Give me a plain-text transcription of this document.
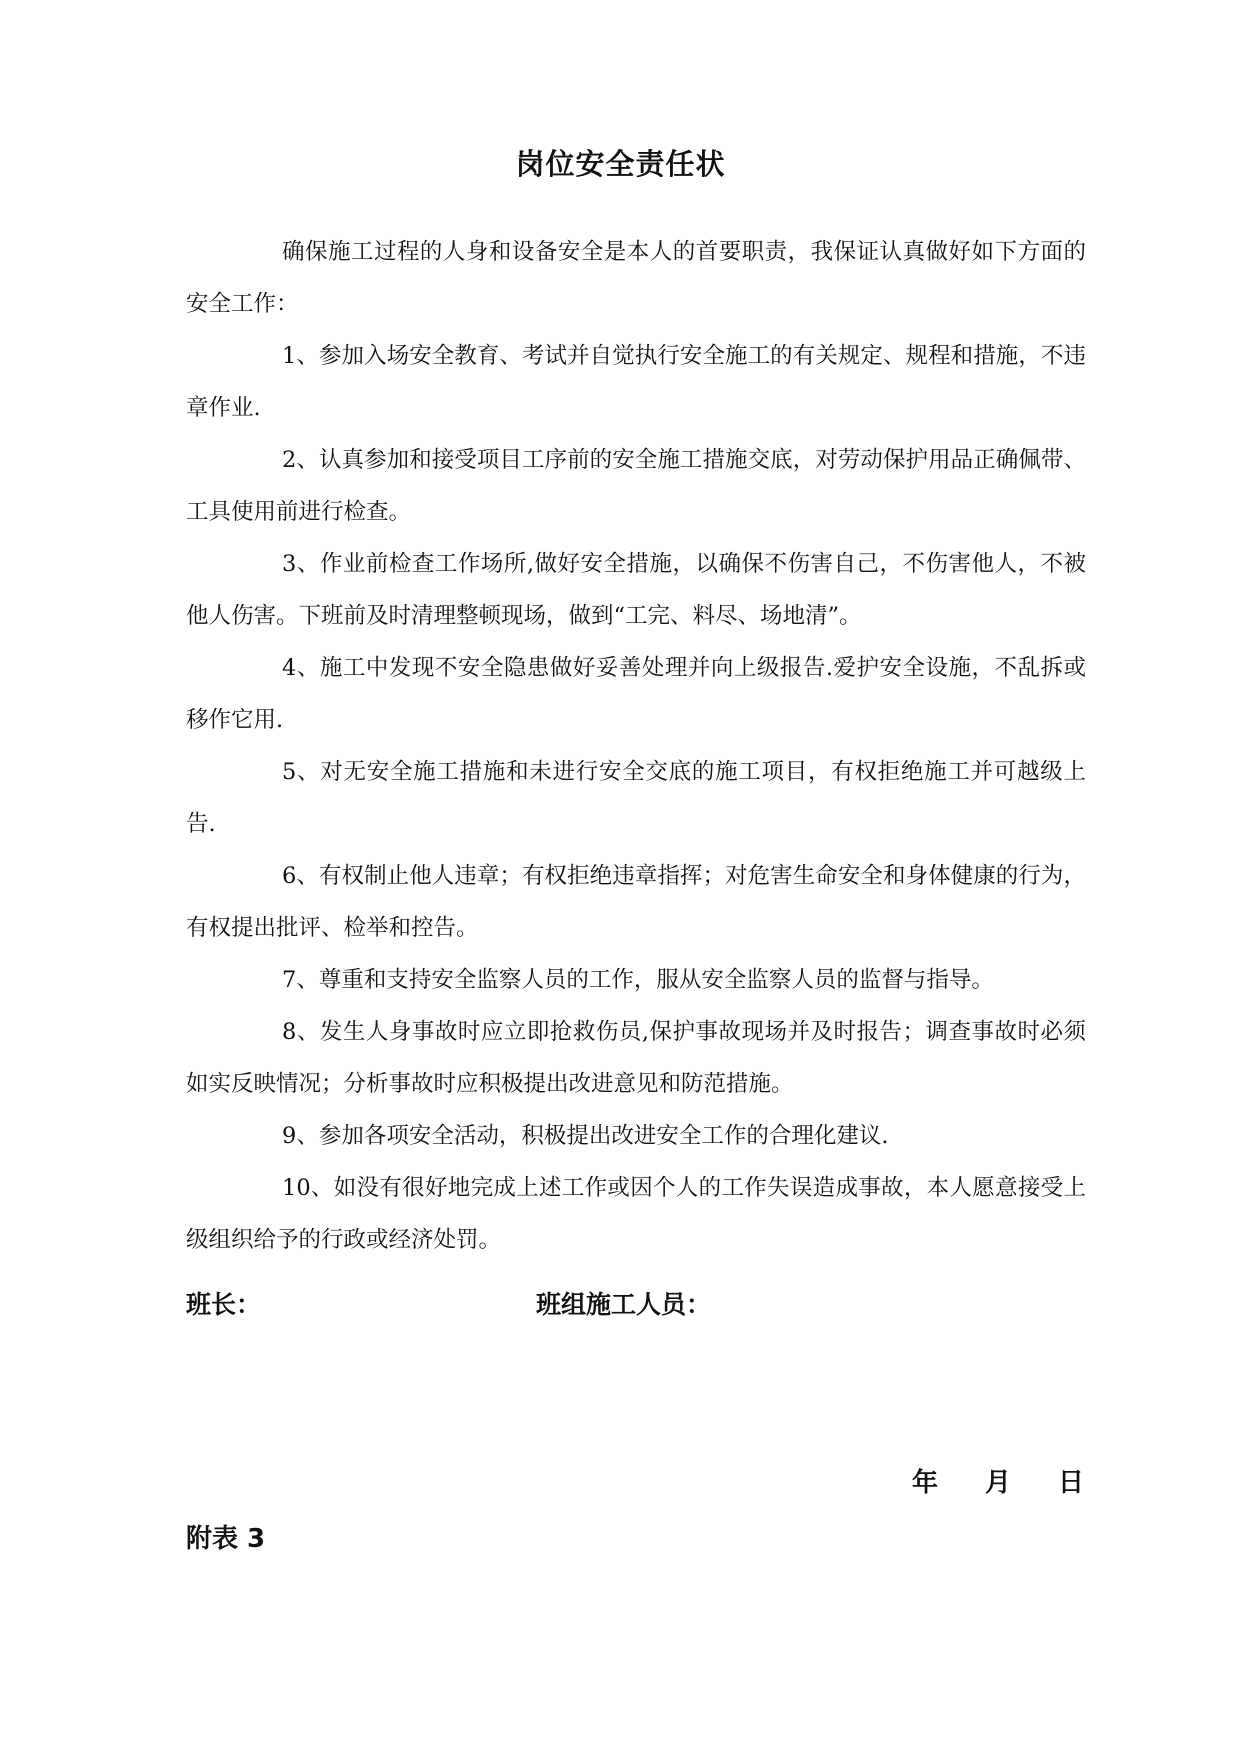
岗位安全责任状

确保施工过程的人身和设备安全是本人的首要职责，我保证认真做好如下方面的安全工作：

1、参加入场安全教育、考试并自觉执行安全施工的有关规定、规程和措施，不违章作业.

2、认真参加和接受项目工序前的安全施工措施交底，对劳动保护用品正确佩带、工具使用前进行检查。

3、作业前检查工作场所,做好安全措施，以确保不伤害自己，不伤害他人，不被他人伤害。下班前及时清理整顿现场，做到“工完、料尽、场地清”。

4、施工中发现不安全隐患做好妥善处理并向上级报告.爱护安全设施，不乱拆或移作它用.

5、对无安全施工措施和未进行安全交底的施工项目，有权拒绝施工并可越级上告.

6、有权制止他人违章；有权拒绝违章指挥；对危害生命安全和身体健康的行为，有权提出批评、检举和控告。

7、尊重和支持安全监察人员的工作，服从安全监察人员的监督与指导。

8、发生人身事故时应立即抢救伤员,保护事故现场并及时报告；调查事故时必须如实反映情况；分析事故时应积极提出改进意见和防范措施。

9、参加各项安全活动，积极提出改进安全工作的合理化建议.

10、如没有很好地完成上述工作或因个人的工作失误造成事故，本人愿意接受上级组织给予的行政或经济处罚。

班长：	班组施工人员：
年 月 日
附表 3
